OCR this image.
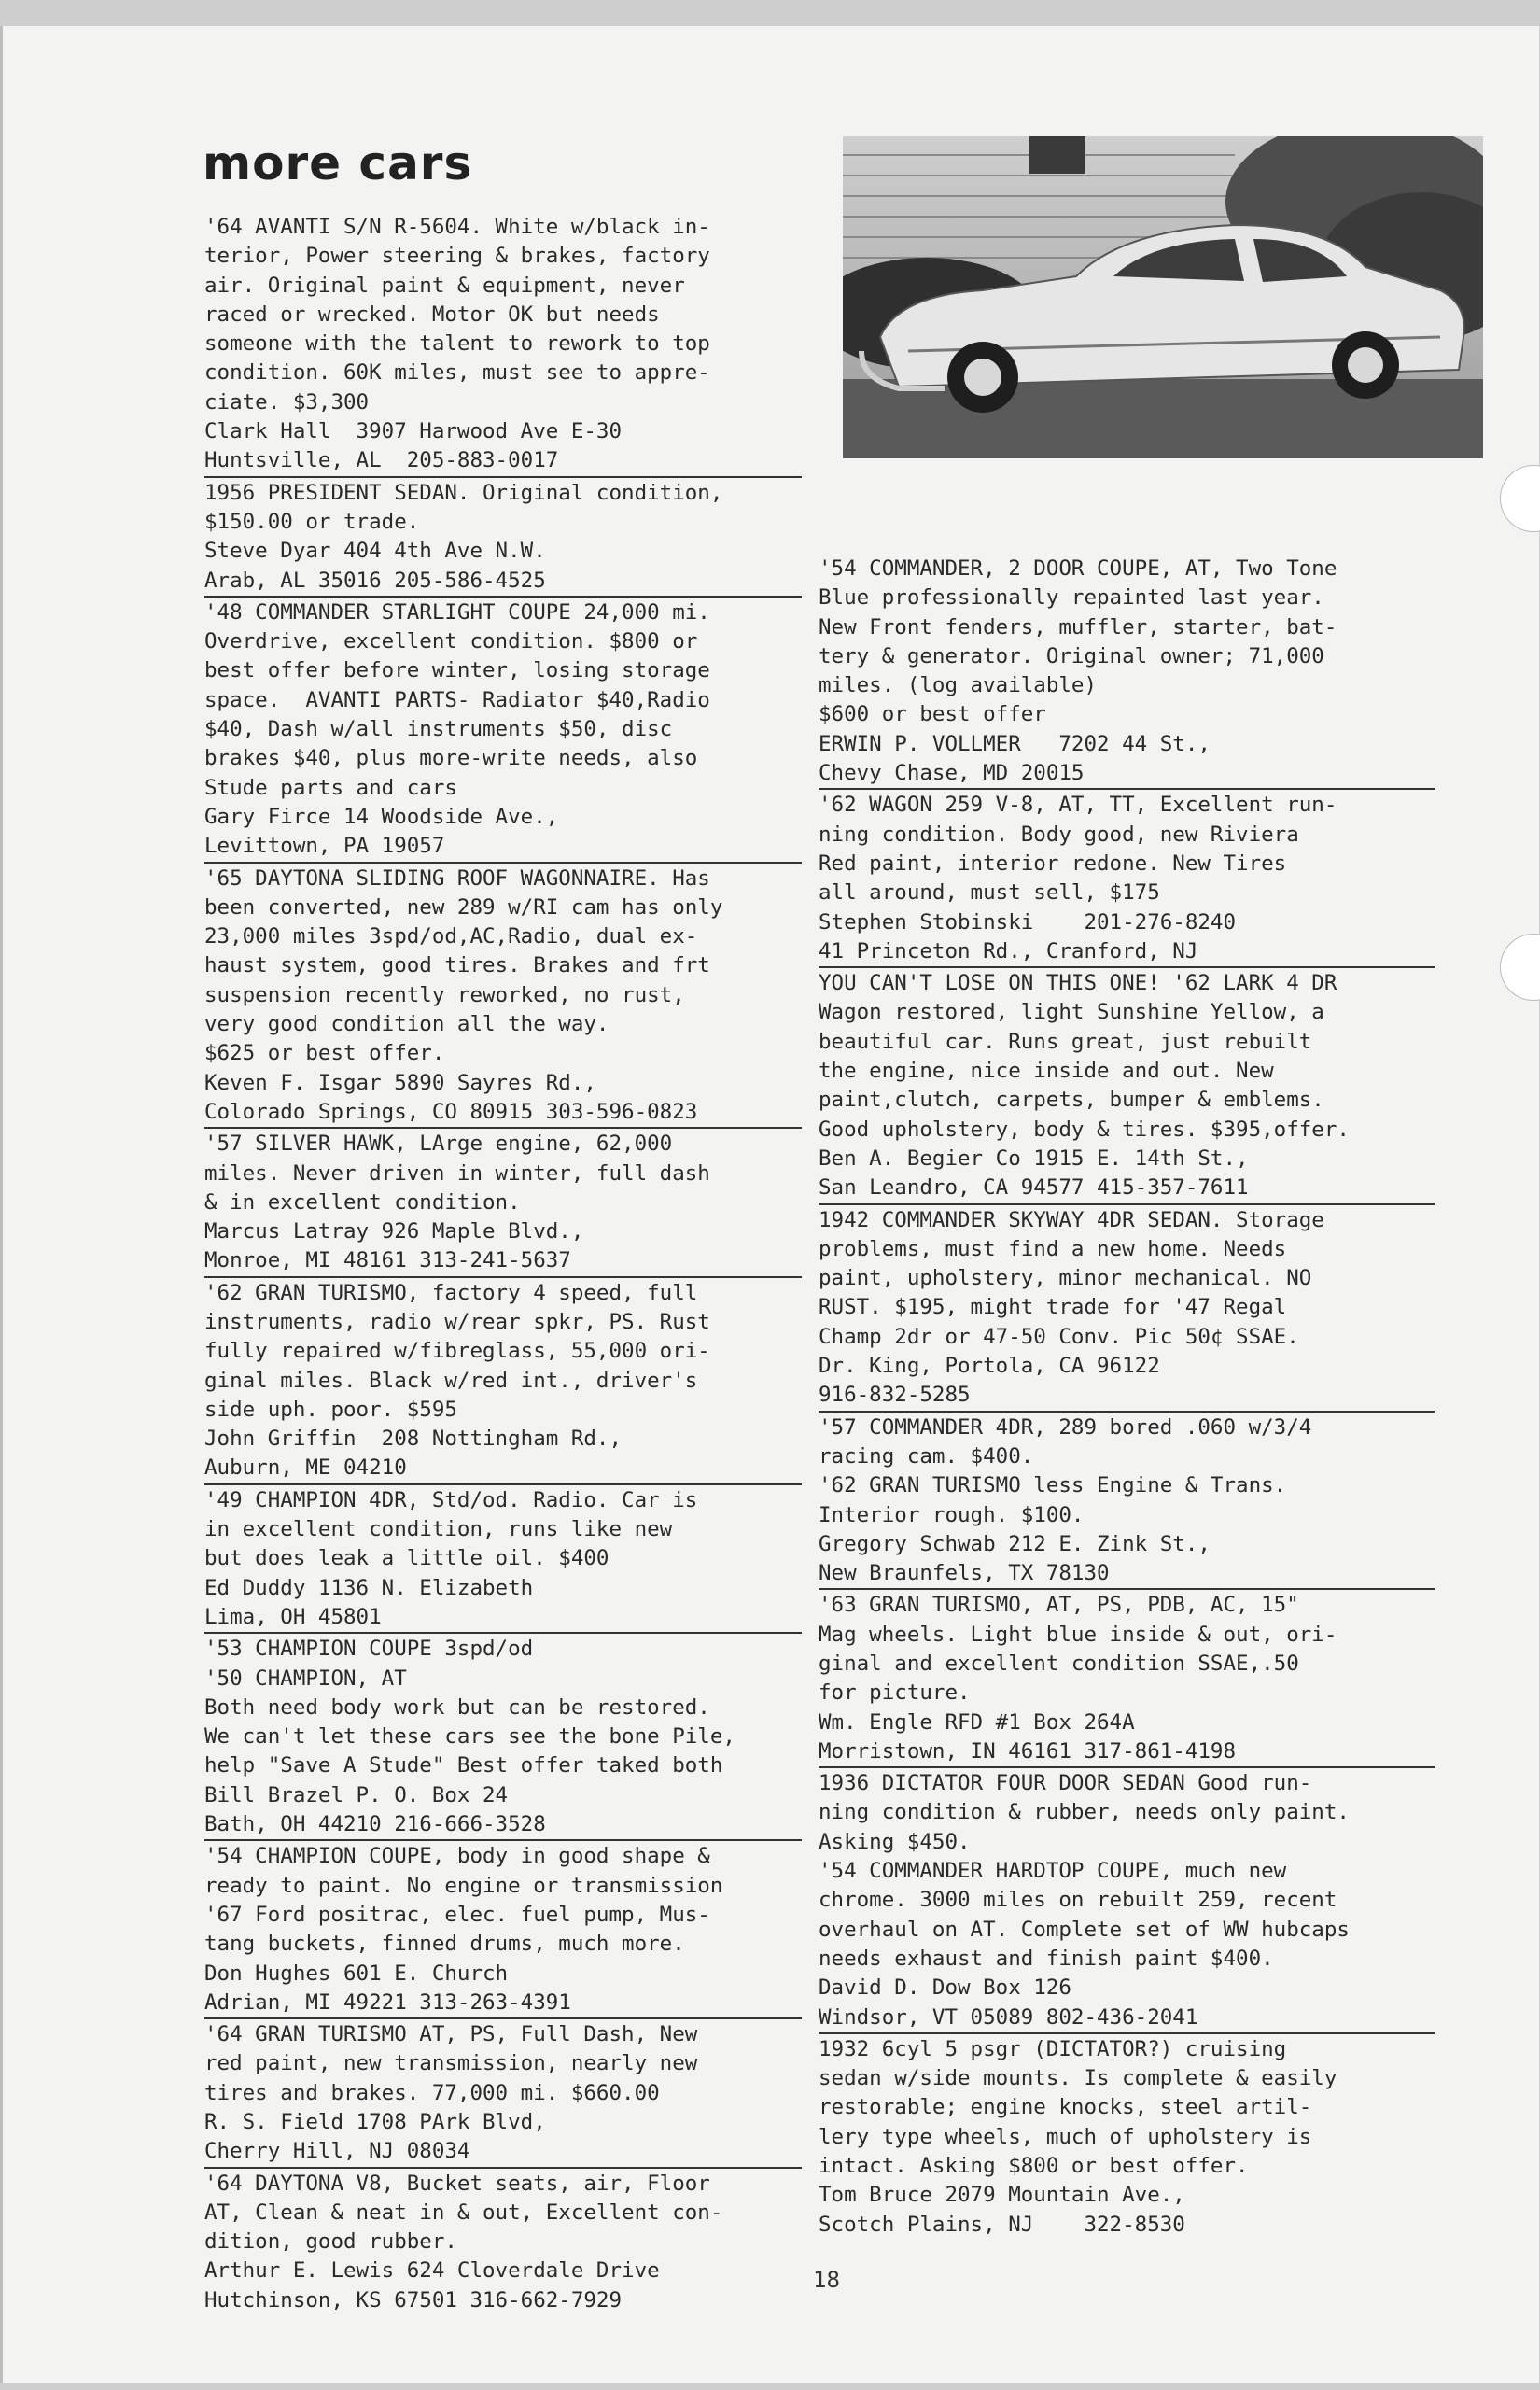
more cars
'64 AVANTI S/N R-5604. White w/black in-
terior, Power steering & brakes, factory
air. Original paint & equipment, never
raced or wrecked. Motor OK but needs
someone with the talent to rework to top
condition. 60K miles, must see to appre-
ciate. $3,300
Clark Hall  3907 Harwood Ave E-30
Huntsville, AL  205-883-0017
1956 PRESIDENT SEDAN. Original condition,
$150.00 or trade.
Steve Dyar 404 4th Ave N.W.
Arab, AL 35016 205-586-4525
'48 COMMANDER STARLIGHT COUPE 24,000 mi.
Overdrive, excellent condition. $800 or
best offer before winter, losing storage
space.  AVANTI PARTS- Radiator $40,Radio
$40, Dash w/all instruments $50, disc
brakes $40, plus more-write needs, also
Stude parts and cars
Gary Firce 14 Woodside Ave.,
Levittown, PA 19057
'65 DAYTONA SLIDING ROOF WAGONNAIRE. Has
been converted, new 289 w/RI cam has only
23,000 miles 3spd/od,AC,Radio, dual ex-
haust system, good tires. Brakes and frt
suspension recently reworked, no rust,
very good condition all the way.
$625 or best offer.
Keven F. Isgar 5890 Sayres Rd.,
Colorado Springs, CO 80915 303-596-0823
'57 SILVER HAWK, LArge engine, 62,000
miles. Never driven in winter, full dash
& in excellent condition.
Marcus Latray 926 Maple Blvd.,
Monroe, MI 48161 313-241-5637
'62 GRAN TURISMO, factory 4 speed, full
instruments, radio w/rear spkr, PS. Rust
fully repaired w/fibreglass, 55,000 ori-
ginal miles. Black w/red int., driver's
side uph. poor. $595
John Griffin  208 Nottingham Rd.,
Auburn, ME 04210
'49 CHAMPION 4DR, Std/od. Radio. Car is
in excellent condition, runs like new
but does leak a little oil. $400
Ed Duddy 1136 N. Elizabeth
Lima, OH 45801
'53 CHAMPION COUPE 3spd/od
'50 CHAMPION, AT
Both need body work but can be restored.
We can't let these cars see the bone Pile,
help "Save A Stude" Best offer taked both
Bill Brazel P. O. Box 24
Bath, OH 44210 216-666-3528
'54 CHAMPION COUPE, body in good shape &
ready to paint. No engine or transmission
'67 Ford positrac, elec. fuel pump, Mus-
tang buckets, finned drums, much more.
Don Hughes 601 E. Church
Adrian, MI 49221 313-263-4391
'64 GRAN TURISMO AT, PS, Full Dash, New
red paint, new transmission, nearly new
tires and brakes. 77,000 mi. $660.00
R. S. Field 1708 PArk Blvd,
Cherry Hill, NJ 08034
'64 DAYTONA V8, Bucket seats, air, Floor
AT, Clean & neat in & out, Excellent con-
dition, good rubber.
Arthur E. Lewis 624 Cloverdale Drive
Hutchinson, KS 67501 316-662-7929
'54 COMMANDER, 2 DOOR COUPE, AT, Two Tone
Blue professionally repainted last year.
New Front fenders, muffler, starter, bat-
tery & generator. Original owner; 71,000
miles. (log available)
$600 or best offer
ERWIN P. VOLLMER   7202 44 St.,
Chevy Chase, MD 20015
'62 WAGON 259 V-8, AT, TT, Excellent run-
ning condition. Body good, new Riviera
Red paint, interior redone. New Tires
all around, must sell, $175
Stephen Stobinski    201-276-8240
41 Princeton Rd., Cranford, NJ
YOU CAN'T LOSE ON THIS ONE! '62 LARK 4 DR
Wagon restored, light Sunshine Yellow, a
beautiful car. Runs great, just rebuilt
the engine, nice inside and out. New
paint,clutch, carpets, bumper & emblems.
Good upholstery, body & tires. $395,offer.
Ben A. Begier Co 1915 E. 14th St.,
San Leandro, CA 94577 415-357-7611
1942 COMMANDER SKYWAY 4DR SEDAN. Storage
problems, must find a new home. Needs
paint, upholstery, minor mechanical. NO
RUST. $195, might trade for '47 Regal
Champ 2dr or 47-50 Conv. Pic 50¢ SSAE.
Dr. King, Portola, CA 96122
916-832-5285
'57 COMMANDER 4DR, 289 bored .060 w/3/4
racing cam. $400.
'62 GRAN TURISMO less Engine & Trans.
Interior rough. $100.
Gregory Schwab 212 E. Zink St.,
New Braunfels, TX 78130
'63 GRAN TURISMO, AT, PS, PDB, AC, 15"
Mag wheels. Light blue inside & out, ori-
ginal and excellent condition SSAE,.50
for picture.
Wm. Engle RFD #1 Box 264A
Morristown, IN 46161 317-861-4198
1936 DICTATOR FOUR DOOR SEDAN Good run-
ning condition & rubber, needs only paint.
Asking $450.
'54 COMMANDER HARDTOP COUPE, much new
chrome. 3000 miles on rebuilt 259, recent
overhaul on AT. Complete set of WW hubcaps
needs exhaust and finish paint $400.
David D. Dow Box 126
Windsor, VT 05089 802-436-2041
1932 6cyl 5 psgr (DICTATOR?) cruising
sedan w/side mounts. Is complete & easily
restorable; engine knocks, steel artil-
lery type wheels, much of upholstery is
intact. Asking $800 or best offer.
Tom Bruce 2079 Mountain Ave.,
Scotch Plains, NJ    322-8530
18
